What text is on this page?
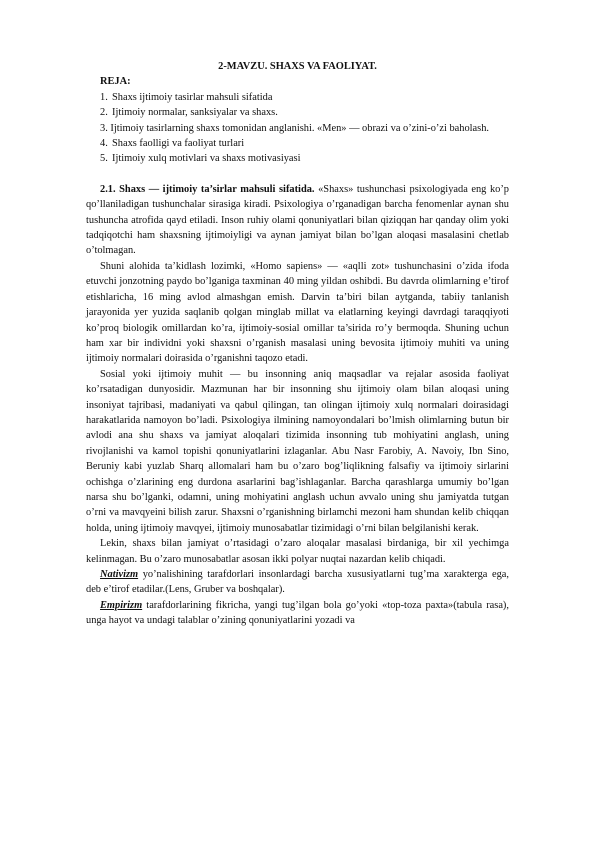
2-MAVZU. SHAXS VA FAOLIYAT.

REJA:

1. Shaxs ijtimoiy tasirlar mahsuli sifatida
2. Ijtimoiy normalar, sanksiyalar va shaxs.
3. Ijtimoiy tasirlarning shaxs tomonidan anglanishi. «Men» — obrazi va o’zini-o’zi baholash.
4. Shaxs faolligi va faoliyat turlari
5. Ijtimoiy xulq motivlari va shaxs motivasiyasi

2.1. Shaxs — ijtimoiy ta’sirlar mahsuli sifatida. «Shaxs» tushunchasi psixologiyada eng ko’p qo’llaniladigan tushunchalar sirasiga kiradi. Psixologiya o’rganadigan barcha fenomenlar aynan shu tushuncha atrofida qayd etiladi. Inson ruhiy olami qonuniyatlari bilan qiziqqan har qanday olim yoki tadqiqotchi ham shaxsning ijtimoiyligi va aynan jamiyat bilan bo’lgan aloqasi masalasini chetlab o’tolmagan.

Shuni alohida ta’kidlash lozimki, «Homo sapiens» — «aqlli zot» tushunchasini o’zida ifoda etuvchi jonzotning paydo bo’lganiga taxminan 40 ming yildan oshibdi. Bu davrda olimlarning e’tirof etishlaricha, 16 ming avlod almashgan emish. Darvin ta’biri bilan aytganda, tabiiy tanlanish jarayonida yer yuzida saqlanib qolgan minglab millat va elatlarning keyingi davrdagi taraqqiyoti ko’proq biologik omillardan ko’ra, ijtimoiy-sosial omillar ta’sirida ro’y bermoqda. Shuning uchun ham xar bir individni yoki shaxsni o’rganish masalasi uning bevosita ijtimoiy muhiti va uning ijtimoiy normalari doirasida o’rganishni taqozo etadi.

Sosial yoki ijtimoiy muhit — bu insonning aniq maqsadlar va rejalar asosida faoliyat ko’rsatadigan dunyosidir. Mazmunan har bir insonning shu ijtimoiy olam bilan aloqasi uning insoniyat tajribasi, madaniyati va qabul qilingan, tan olingan ijtimoiy xulq normalari doirasidagi harakatlarida namoyon bo’ladi. Psixologiya ilmining namoyondalari bo’lmish olimlarning butun bir avlodi ana shu shaxs va jamiyat aloqalari tizimida insonning tub mohiyatini anglash, uning rivojlanishi va kamol topishi qonuniyatlarini izlaganlar. Abu Nasr Farobiy, A. Navoiy, Ibn Sino, Beruniy kabi yuzlab Sharq allomalari ham bu o’zaro bog’liqlikning falsafiy va ijtimoiy sirlarini ochishga o’zlarining eng durdona asarlarini bag’ishlaganlar. Barcha qarashlarga umumiy bo’lgan narsa shu bo’lganki, odamni, uning mohiyatini anglash uchun avvalo uning shu jamiyatda tutgan o’rni va mavqyeini bilish zarur. Shaxsni o’rganishning birlamchi mezoni ham shundan kelib chiqqan holda, uning ijtimoiy mavqyei, ijtimoiy munosabatlar tizimidagi o’rni bilan belgilanishi kerak.

Lekin, shaxs bilan jamiyat o’rtasidagi o’zaro aloqalar masalasi birdaniga, bir xil yechimga kelinmagan. Bu o’zaro munosabatlar asosan ikki polyar nuqtai nazardan kelib chiqadi.

Nativizm yo’nalishining tarafdorlari insonlardagi barcha xususiyatlarni tug’ma xarakterga ega, deb e’tirof etadilar.(Lens, Gruber va boshqalar).

Empirizm tarafdorlarining fikricha, yangi tug’ilgan bola go’yoki «top-toza paxta»(tabula rasa), unga hayot va undagi talablar o’zining qonuniyatlarini yozadi va
